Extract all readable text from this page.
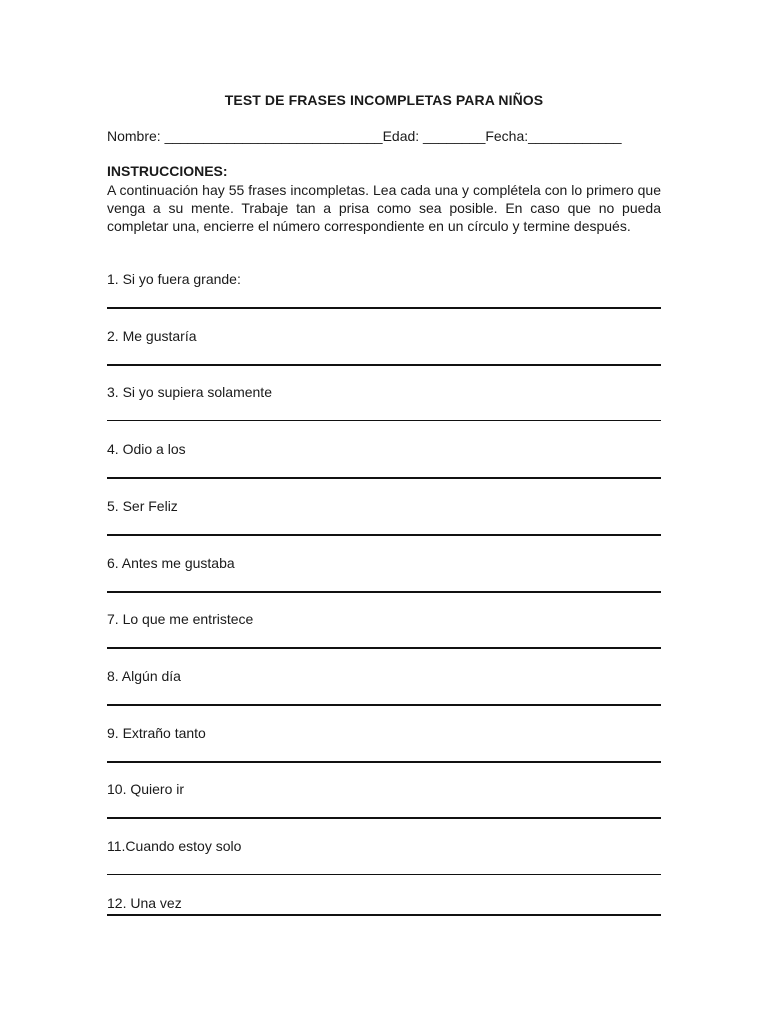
TEST DE FRASES INCOMPLETAS PARA NIÑOS
Nombre: ____________________________Edad: ________Fecha:____________
INSTRUCCIONES:
A continuación hay 55 frases incompletas. Lea cada una y complétela con lo primero que venga a su mente. Trabaje tan a prisa como sea posible. En caso que no pueda completar una, encierre el número correspondiente en un círculo y termine después.
1. Si yo fuera grande:
2. Me gustaría
3. Si yo supiera solamente
4. Odio a los
5. Ser Feliz
6. Antes me gustaba
7. Lo que me entristece
8. Algún día
9. Extraño tanto
10. Quiero ir
11.Cuando estoy solo
12. Una vez
